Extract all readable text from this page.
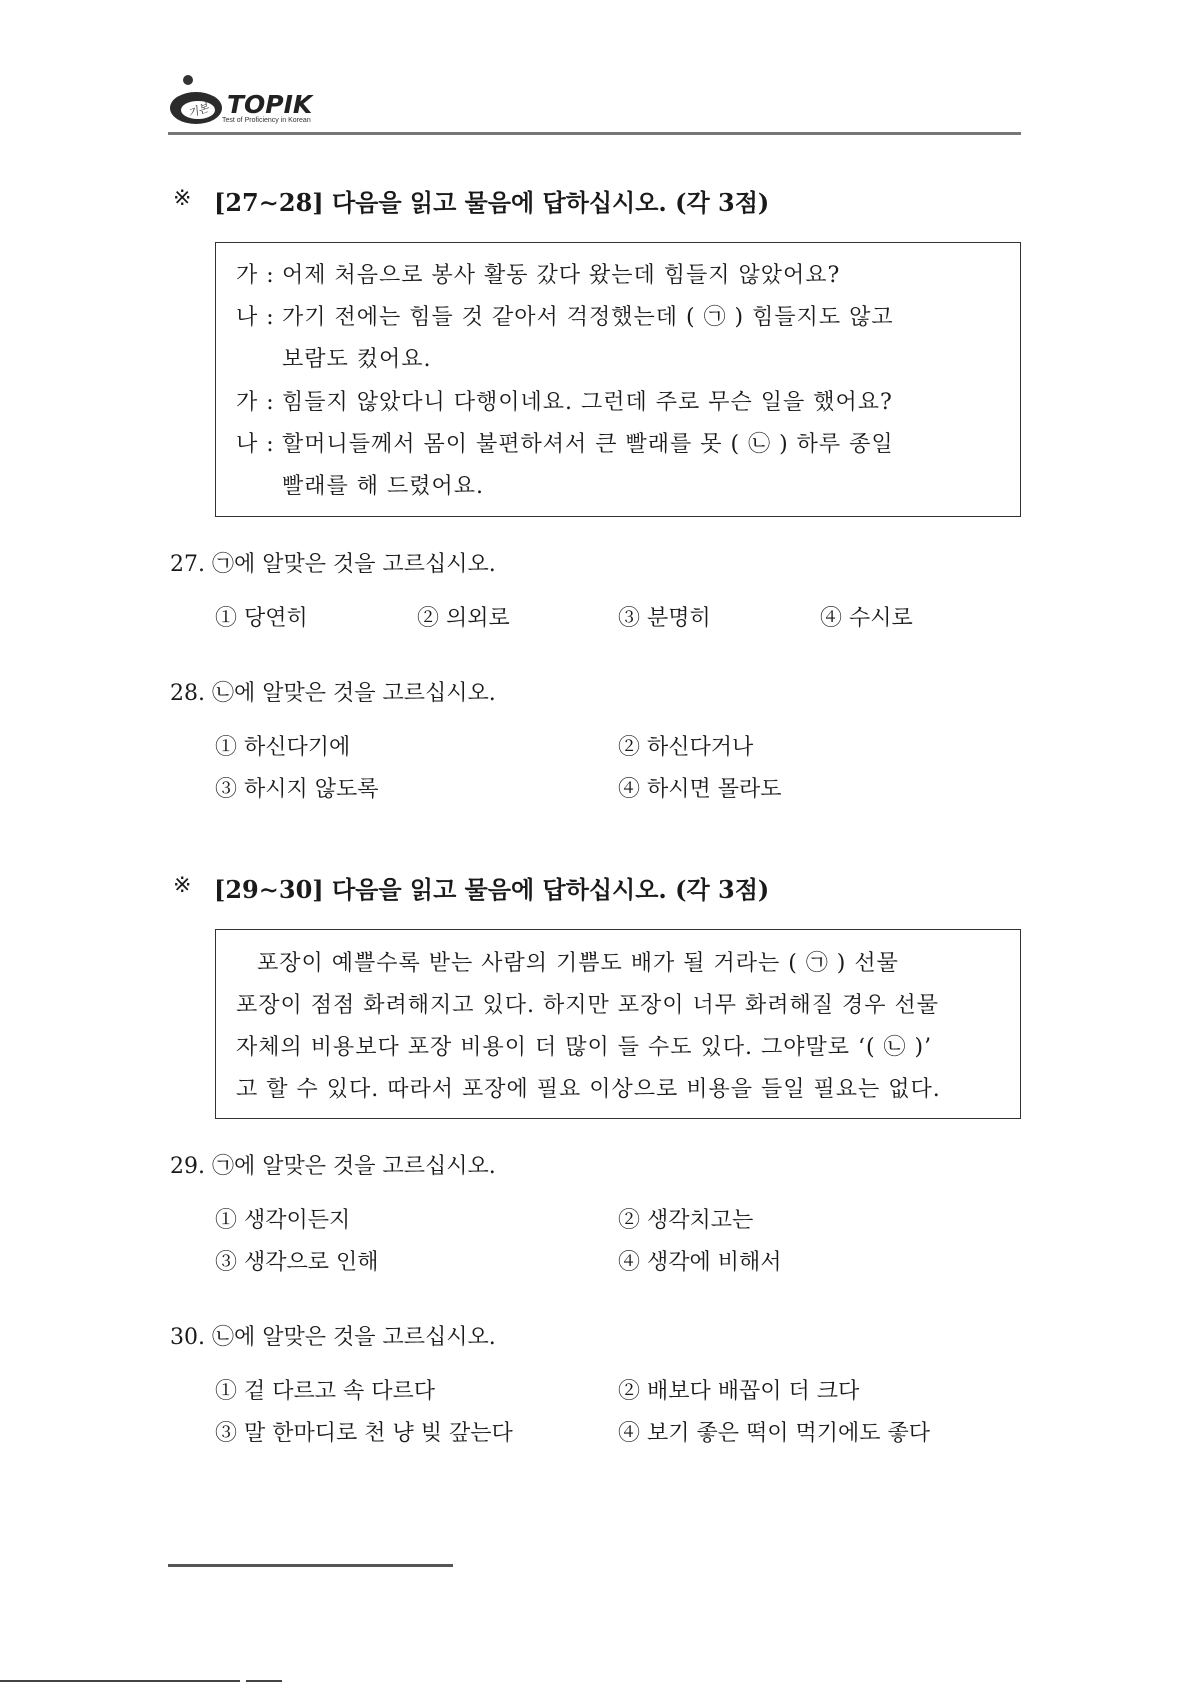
기본 TOPIK
Test of Proficiency in Korean
※ [27∼28] 다음을 읽고 물음에 답하십시오. (각 3점)
가 : 어제 처음으로 봉사 활동 갔다 왔는데 힘들지 않았어요?
나 : 가기 전에는 힘들 것 같아서 걱정했는데 ( ㉠ ) 힘들지도 않고
보람도 컸어요.
가 : 힘들지 않았다니 다행이네요. 그런데 주로 무슨 일을 했어요?
나 : 할머니들께서 몸이 불편하셔서 큰 빨래를 못 ( ㉡ ) 하루 종일
빨래를 해 드렸어요.
27. ㉠에 알맞은 것을 고르십시오.
① 당연히	② 의외로	③ 분명히	④ 수시로
28. ㉡에 알맞은 것을 고르십시오.
① 하신다기에	② 하신다거나
③ 하시지 않도록	④ 하시면 몰라도
※ [29∼30] 다음을 읽고 물음에 답하십시오. (각 3점)
포장이 예쁠수록 받는 사람의 기쁨도 배가 될 거라는 ( ㉠ ) 선물
포장이 점점 화려해지고 있다. 하지만 포장이 너무 화려해질 경우 선물
자체의 비용보다 포장 비용이 더 많이 들 수도 있다. 그야말로 ‘( ㉡ )’
고 할 수 있다. 따라서 포장에 필요 이상으로 비용을 들일 필요는 없다.
29. ㉠에 알맞은 것을 고르십시오.
① 생각이든지	② 생각치고는
③ 생각으로 인해	④ 생각에 비해서
30. ㉡에 알맞은 것을 고르십시오.
① 겉 다르고 속 다르다	② 배보다 배꼽이 더 크다
③ 말 한마디로 천 냥 빚 갚는다	④ 보기 좋은 떡이 먹기에도 좋다
